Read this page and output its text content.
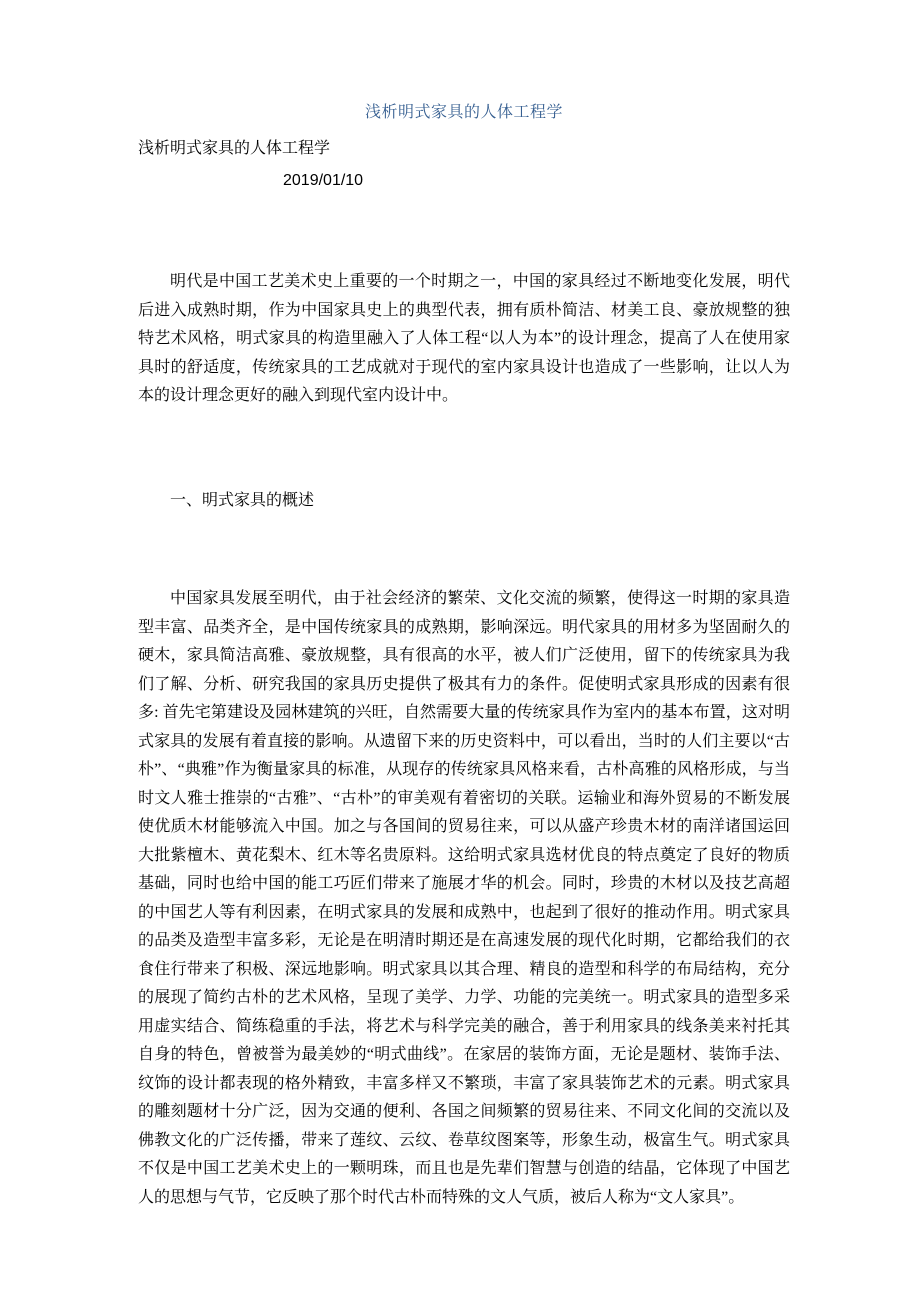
浅析明式家具的人体工程学

浅析明式家具的人体工程学

2019/01/10

明代是中国工艺美术史上重要的一个时期之一，中国的家具经过不断地变化发展，明代后进入成熟时期，作为中国家具史上的典型代表，拥有质朴简洁、材美工良、豪放规整的独特艺术风格，明式家具的构造里融入了人体工程“以人为本”的设计理念，提高了人在使用家具时的舒适度，传统家具的工艺成就对于现代的室内家具设计也造成了一些影响，让以人为本的设计理念更好的融入到现代室内设计中。

一、明式家具的概述

中国家具发展至明代，由于社会经济的繁荣、文化交流的频繁，使得这一时期的家具造型丰富、品类齐全，是中国传统家具的成熟期，影响深远。明代家具的用材多为坚固耐久的硬木，家具简洁高雅、豪放规整，具有很高的水平，被人们广泛使用，留下的传统家具为我们了解、分析、研究我国的家具历史提供了极其有力的条件。促使明式家具形成的因素有很多: 首先宅第建设及园林建筑的兴旺，自然需要大量的传统家具作为室内的基本布置，这对明式家具的发展有着直接的影响。从遗留下来的历史资料中，可以看出，当时的人们主要以“古朴”、“典雅”作为衡量家具的标准，从现存的传统家具风格来看，古朴高雅的风格形成，与当时文人雅士推崇的“古雅”、“古朴”的审美观有着密切的关联。运输业和海外贸易的不断发展使优质木材能够流入中国。加之与各国间的贸易往来，可以从盛产珍贵木材的南洋诸国运回大批紫檀木、黄花梨木、红木等名贵原料。这给明式家具选材优良的特点奠定了良好的物质基础，同时也给中国的能工巧匠们带来了施展才华的机会。同时，珍贵的木材以及技艺高超的中国艺人等有利因素，在明式家具的发展和成熟中，也起到了很好的推动作用。明式家具的品类及造型丰富多彩，无论是在明清时期还是在高速发展的现代化时期，它都给我们的衣食住行带来了积极、深远地影响。明式家具以其合理、精良的造型和科学的布局结构，充分的展现了简约古朴的艺术风格，呈现了美学、力学、功能的完美统一。明式家具的造型多采用虚实结合、简练稳重的手法，将艺术与科学完美的融合，善于利用家具的线条美来衬托其自身的特色，曾被誉为最美妙的“明式曲线”。在家居的装饰方面，无论是题材、装饰手法、纹饰的设计都表现的格外精致，丰富多样又不繁琐，丰富了家具装饰艺术的元素。明式家具的雕刻题材十分广泛，因为交通的便利、各国之间频繁的贸易往来、不同文化间的交流以及佛教文化的广泛传播，带来了莲纹、云纹、卷草纹图案等，形象生动，极富生气。明式家具不仅是中国工艺美术史上的一颗明珠，而且也是先辈们智慧与创造的结晶，它体现了中国艺人的思想与气节，它反映了那个时代古朴而特殊的文人气质，被后人称为“文人家具”。
